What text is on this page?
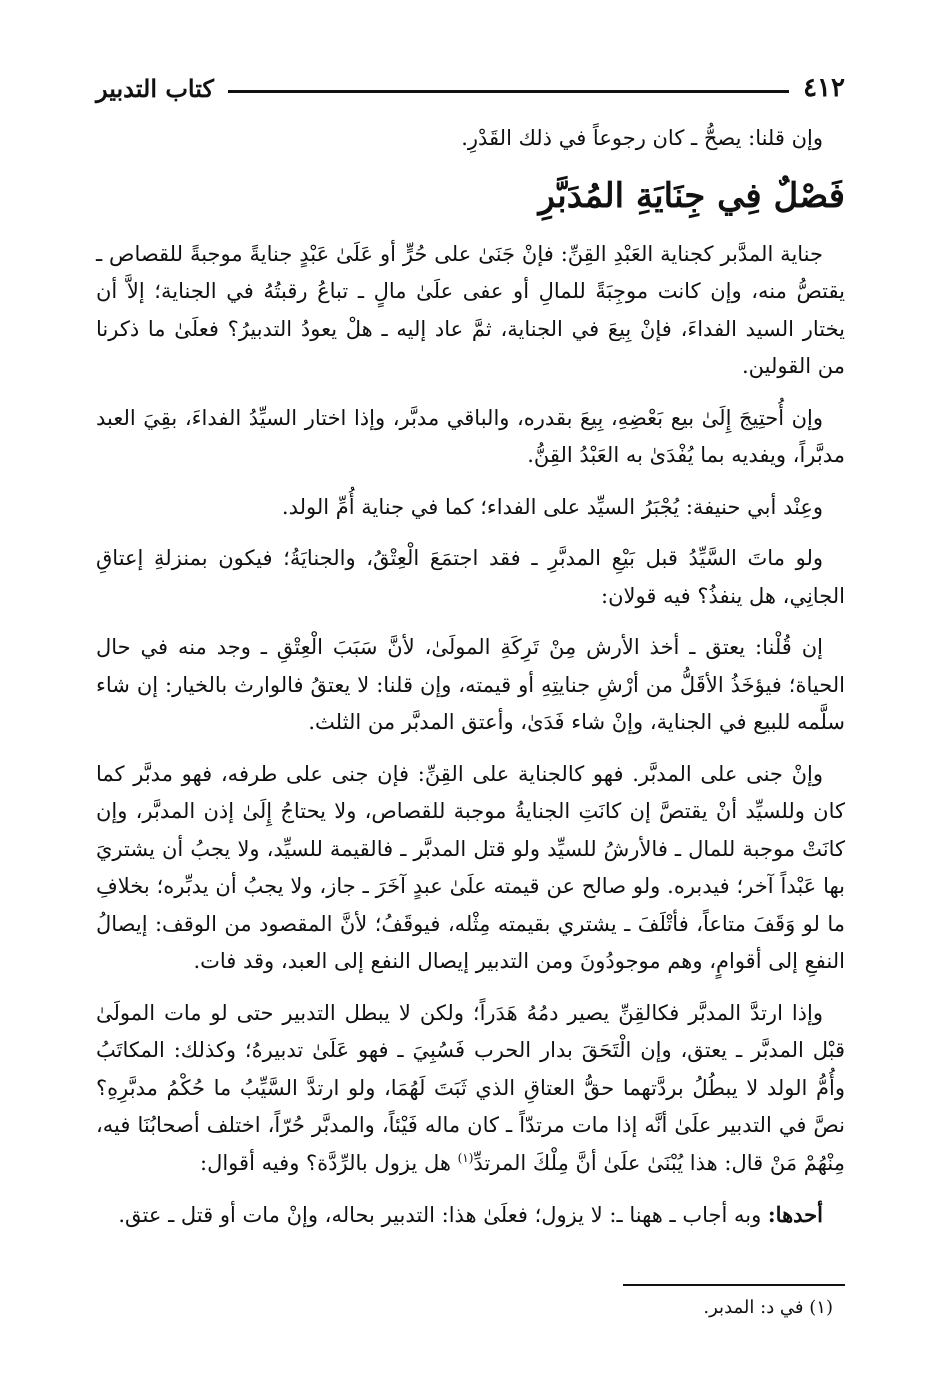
٤١٢
كتاب التدبير

وإن قلنا: يصحُّ ـ كان رجوعاً في ذلك القَدْرِ.

فَصْلٌ فِي جِنَايَةِ المُدَبَّرِ

جناية المدَّبر كجناية العَبْدِ القِنِّ: فإنْ جَنَىٰ على حُرٍّ أو عَلَىٰ عَبْدٍ جنايةً موجبةً للقصاص ـ يقتصُّ منه، وإن كانت موجِبَةً للمالِ أو عفى علَىٰ مالٍ ـ تباعُ رقبتُهُ في الجناية؛ إلاَّ أن يختار السيد الفداءَ، فإنْ بِيعَ في الجناية، ثمَّ عاد إليه ـ هلْ يعودُ التدبيرُ؟ فعلَىٰ ما ذكرنا من القولين.

وإن أُحتِيجَ إِلَىٰ بيع بَعْضِهِ، بِيعَ بقدره، والباقي مدبَّر، وإذا اختار السيِّدُ الفداءَ، بقِيَ العبد مدبَّراً، ويفديه بما يُفْدَىٰ به العَبْدُ القِنُّ.

وعِنْد أبي حنيفة: يُجْبَرُ السيِّد على الفداء؛ كما في جناية أُمِّ الولد.

ولو ماتَ السَّيِّدُ قبل بَيْعِ المدبَّرِ ـ فقد اجتمَعَ الْعِتْقُ، والجنايَةُ؛ فيكون بمنزلةِ إعتاقِ الجانِي، هل ينفذُ؟ فيه قولان:

إن قُلْنا: يعتق ـ أخذ الأرش مِنْ تَرِكَةِ المولَىٰ، لأنَّ سَبَبَ الْعِتْقِ ـ وجد منه في حال الحياة؛ فيؤخَذُ الأقَلُّ من أرْشِ جنايتِهِ أو قيمته، وإن قلنا: لا يعتقُ فالوارث بالخيار: إن شاء سلَّمه للبيع في الجناية، وإنْ شاء فَدَىٰ، وأعتق المدبَّر من الثلث.

وإنْ جنى على المدبَّر. فهو كالجناية على القِنِّ: فإن جنى على طرفه، فهو مدبَّر كما كان وللسيِّد أنْ يقتصَّ إن كانَتِ الجنايةُ موجبة للقصاص، ولا يحتاجُ إِلَىٰ إذن المدبَّر، وإن كانَتْ موجبة للمال ـ فالأرشُ للسيِّد ولو قتل المدبَّر ـ فالقيمة للسيِّد، ولا يجبُ أن يشتريَ بها عَبْداً آخر؛ فيدبره. ولو صالح عن قيمته علَىٰ عبدٍ آخَرَ ـ جاز، ولا يجبُ أن يدبِّره؛ بخلافِ ما لو وَقَفَ متاعاً، فأتْلَفَ ـ يشتري بقيمته مِثْله، فيوقَفُ؛ لأنَّ المقصود من الوقف: إيصالُ النفعِ إلى أقوامٍ، وهم موجودُونَ ومن التدبير إيصال النفع إلى العبد، وقد فات.

وإذا ارتدَّ المدبَّر فكالقِنِّ يصير دمُهُ هَدَراً؛ ولكن لا يبطل التدبير حتى لو مات المولَىٰ قبْل المدبَّر ـ يعتق، وإن الْتَحَقَ بدار الحرب فَسُبِيَ ـ فهو عَلَىٰ تدبيرهُ؛ وكذلك: المكاتَبُ وأُمُّ الولد لا يبطُلُ بردَّتهما حقُّ العتاقِ الذي ثَبَتَ لَهُمَا، ولو ارتدَّ السَّيِّبُ ما حُكْمُ مدبَّرِهِ؟ نصَّ في التدبير علَىٰ أنَّه إذا مات مرتدّاً ـ كان ماله فَيْئاً، والمدبَّر حُرّاً، اختلف أصحابُنَا فيه، مِنْهُمْ مَنْ قال: هذا يُبْنَىٰ علَىٰ أنَّ مِلْكَ المرتدِّ$^{(١)}$ هل يزول بالرِّدَّة؟ وفيه أقوال:

أحدها: وبه أجاب ـ ههنا ـ: لا يزول؛ فعلَىٰ هذا: التدبير بحاله، وإنْ مات أو قتل ـ عتق.

(١) في د: المدبر.
